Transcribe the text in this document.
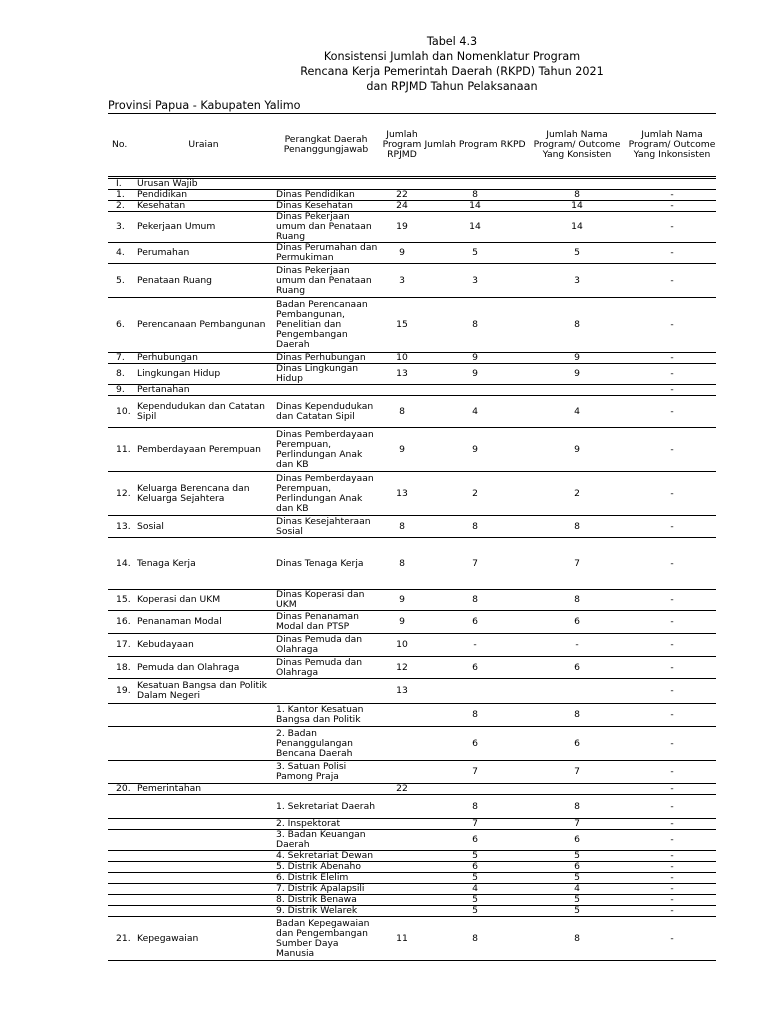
Tabel 4.3
Konsistensi Jumlah dan Nomenklatur Program
Rencana Kerja Pemerintah Daerah (RKPD) Tahun 2021
dan RPJMD Tahun Pelaksanaan
Provinsi Papua - Kabupaten Yalimo
No.	Uraian	Perangkat Daerah Penanggungjawab	Jumlah Program RPJMD	Jumlah Program RKPD	Jumlah Nama Program/ Outcome Yang Konsisten	Jumlah Nama Program/ Outcome Yang Inkonsisten

I.	Urusan Wajib					
1.	Pendidikan	Dinas Pendidikan	22	8	8	-
2.	Kesehatan	Dinas Kesehatan	24	14	14	-
3.	Pekerjaan Umum	Dinas Pekerjaan umum dan Penataan Ruang	19	14	14	-
4.	Perumahan	Dinas Perumahan dan Permukiman	9	5	5	-
5.	Penataan Ruang	Dinas Pekerjaan umum dan Penataan Ruang	3	3	3	-
6.	Perencanaan Pembangunan	Badan Perencanaan Pembangunan, Penelitian dan Pengembangan Daerah	15	8	8	-
7.	Perhubungan	Dinas Perhubungan	10	9	9	-
8.	Lingkungan Hidup	Dinas Lingkungan Hidup	13	9	9	-
9.	Pertanahan					-
10.	Kependudukan dan Catatan Sipil	Dinas Kependudukan dan Catatan Sipil	8	4	4	-
11.	Pemberdayaan Perempuan	Dinas Pemberdayaan Perempuan, Perlindungan Anak dan KB	9	9	9	-
12.	Keluarga Berencana dan Keluarga Sejahtera	Dinas Pemberdayaan Perempuan, Perlindungan Anak dan KB	13	2	2	-
13.	Sosial	Dinas Kesejahteraan Sosial	8	8	8	-
14.	Tenaga Kerja	Dinas Tenaga Kerja	8	7	7	-
15.	Koperasi dan UKM	Dinas Koperasi dan UKM	9	8	8	-
16.	Penanaman Modal	Dinas Penanaman Modal dan PTSP	9	6	6	-
17.	Kebudayaan	Dinas Pemuda dan Olahraga	10	-	-	-
18.	Pemuda dan Olahraga	Dinas Pemuda dan Olahraga	12	6	6	-
19.	Kesatuan Bangsa dan Politik Dalam Negeri		13			-
		1. Kantor Kesatuan Bangsa dan Politik		8	8	-
		2. Badan Penanggulangan Bencana Daerah		6	6	-
		3. Satuan Polisi Pamong Praja		7	7	-
20.	Pemerintahan		22			-
		1. Sekretariat Daerah		8	8	-
		2. Inspektorat		7	7	-
		3. Badan Keuangan Daerah		6	6	-
		4. Sekretariat Dewan		5	5	-
		5. Distrik Abenaho		6	6	-
		6. Distrik Elelim		5	5	-
		7. Distrik Apalapsili		4	4	-
		8. Distrik Benawa		5	5	-
		9. Distrik Welarek		5	5	-
21.	Kepegawaian	Badan Kepegawaian dan Pengembangan Sumber Daya Manusia	11	8	8	-
